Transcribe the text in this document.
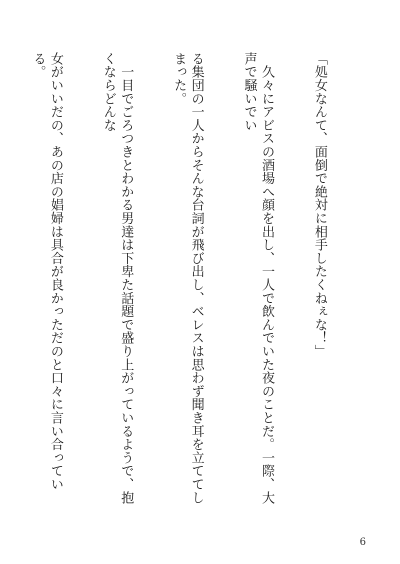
「処女なんて、面倒で絶対に相手したくねぇな！」

　久々にアビスの酒場へ顔を出し、一人で飲んでいた夜のことだ。一際、大声で騒いでい

る集団の一人からそんな台詞が飛び出し、ベレスは思わず聞き耳を立ててしまった。

　一目でごろつきとわかる男達は下卑た話題で盛り上がっているようで、抱くならどんな

女がいいだの、あの店の娼婦は具合が良かっただのと口々に言い合っている。

6
